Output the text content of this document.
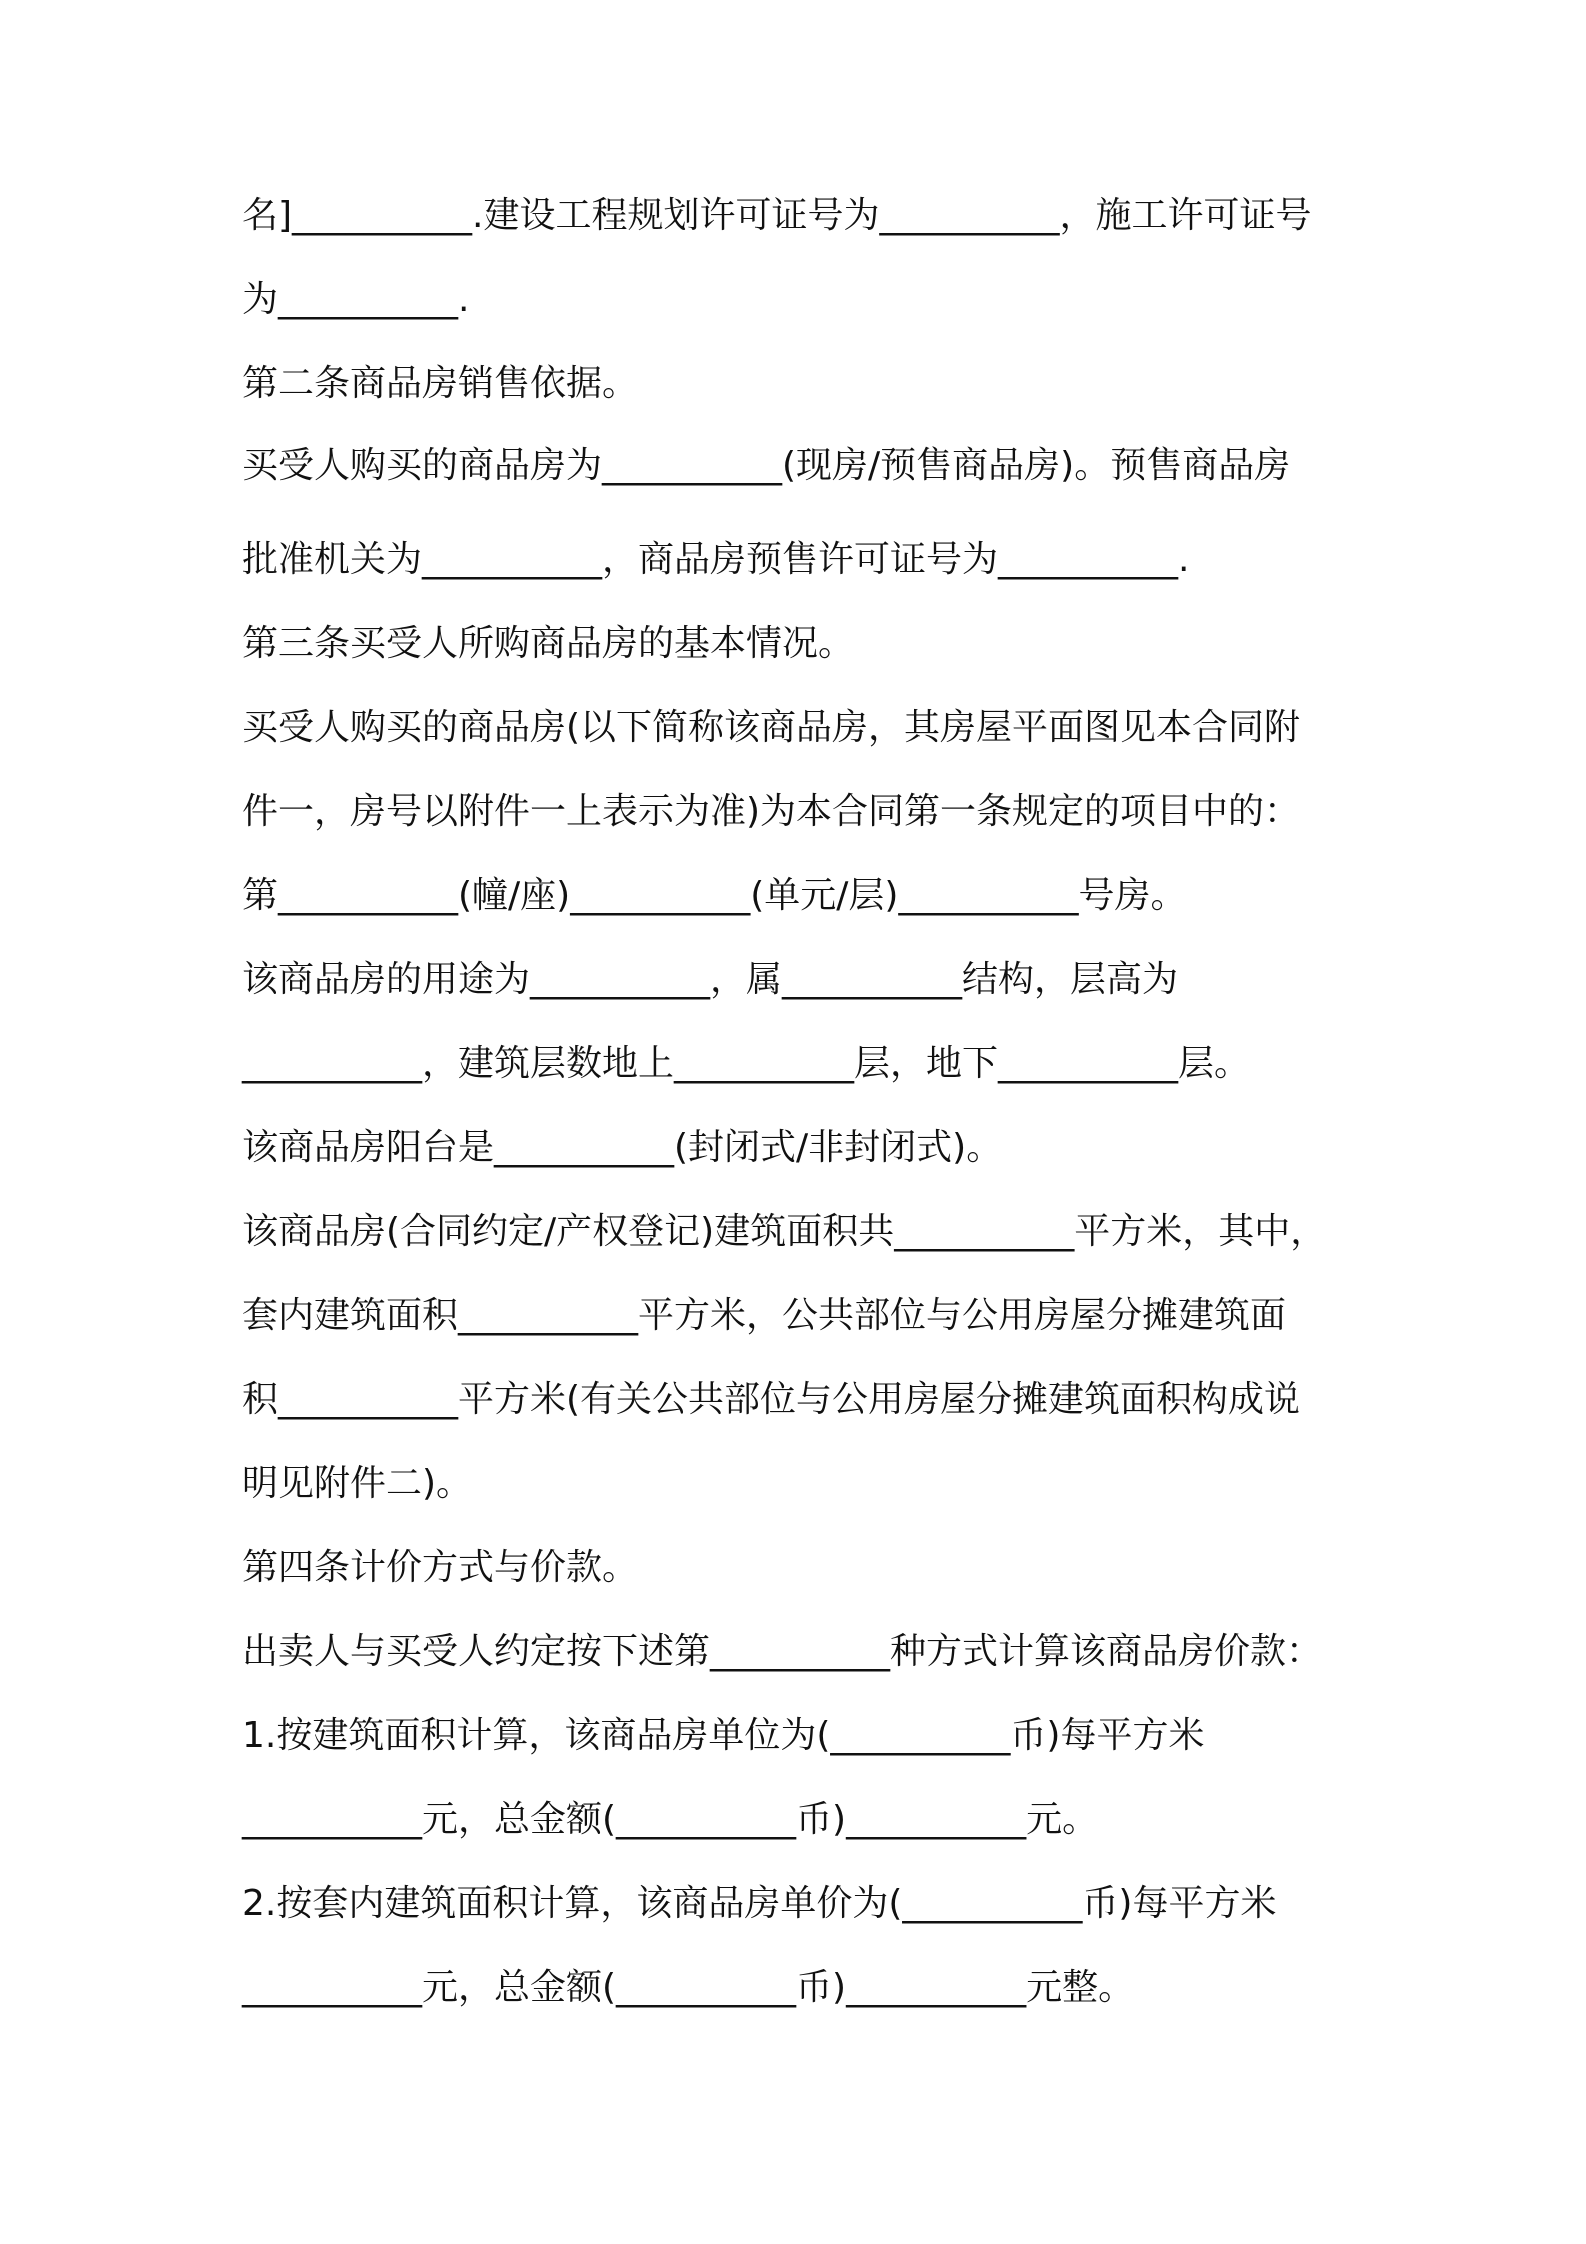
名]__________.建设工程规划许可证号为__________，施工许可证号
为__________.
第二条商品房销售依据。
买受人购买的商品房为__________(现房/预售商品房)。预售商品房
批准机关为__________，商品房预售许可证号为__________.
第三条买受人所购商品房的基本情况。
买受人购买的商品房(以下简称该商品房，其房屋平面图见本合同附
件一，房号以附件一上表示为准)为本合同第一条规定的项目中的：
第__________(幢/座)__________(单元/层)__________号房。
该商品房的用途为__________，属__________结构，层高为
__________，建筑层数地上__________层，地下__________层。
该商品房阳台是__________(封闭式/非封闭式)。
该商品房(合同约定/产权登记)建筑面积共__________平方米，其中，
套内建筑面积__________平方米，公共部位与公用房屋分摊建筑面
积__________平方米(有关公共部位与公用房屋分摊建筑面积构成说
明见附件二)。
第四条计价方式与价款。
出卖人与买受人约定按下述第__________种方式计算该商品房价款：
1.按建筑面积计算，该商品房单位为(__________币)每平方米
__________元，总金额(__________币)__________元。
2.按套内建筑面积计算，该商品房单价为(__________币)每平方米
__________元，总金额(__________币)__________元整。
